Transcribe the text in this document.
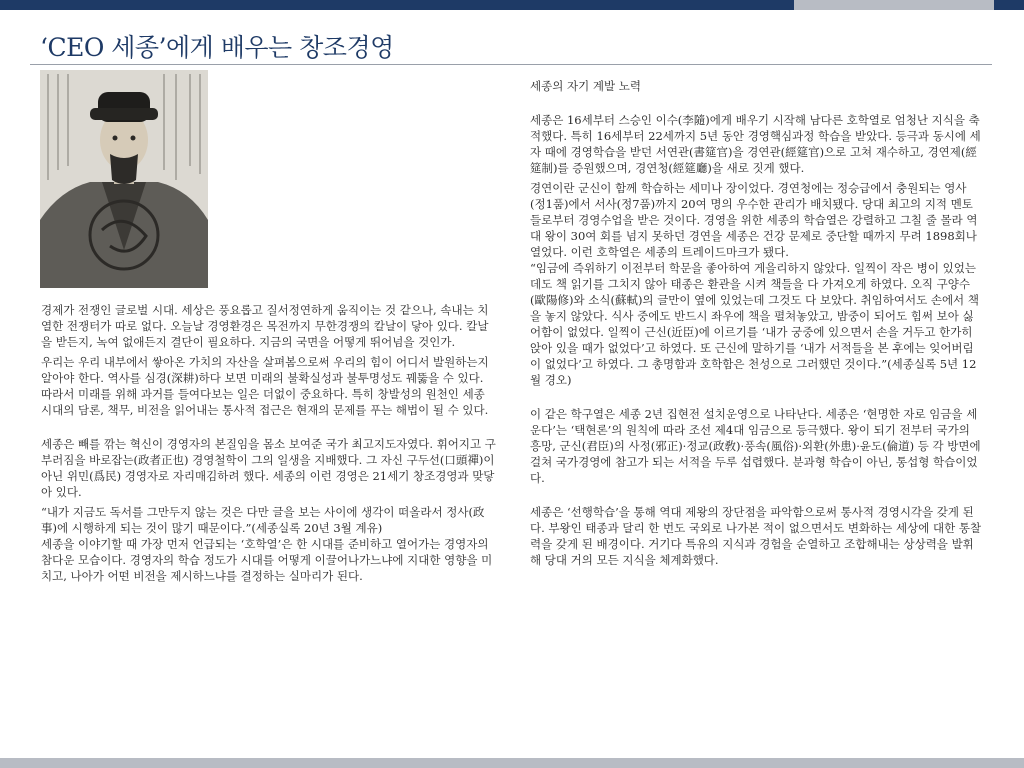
‘CEO 세종’에게 배우는 창조경영

경제가 전쟁인 글로벌 시대. 세상은 풍요롭고 질서정연하게 움직이는 것 같으나, 속내는 치열한 전쟁터가 따로 없다. 오늘날 경영환경은 목전까지 무한경쟁의 칼날이 닿아 있다. 칼날을 받든지, 녹여 없애든지 결단이 필요하다. 지금의 국면을 어떻게 뛰어넘을 것인가.

우리는 우리 내부에서 쌓아온 가치의 자산을 살펴봄으로써 우리의 힘이 어디서 발원하는지 알아야 한다. 역사를 심경(深耕)하다 보면 미래의 불확실성과 불투명성도 꿰뚫을 수 있다. 따라서 미래를 위해 과거를 들여다보는 일은 더없이 중요하다. 특히 창발성의 원천인 세종 시대의 담론, 책무, 비전을 읽어내는 통사적 접근은 현재의 문제를 푸는 해법이 될 수 있다.

세종은 빼를 깎는 혁신이 경영자의 본질임을 몸소 보여준 국가 최고지도자였다. 휘어지고 구부러짐을 바로잡는(政者正也) 경영철학이 그의 일생을 지배했다. 그 자신 구두선(口頭禪)이 아닌 위민(爲民) 경영자로 자리매김하려 했다. 세종의 이런 경영은 21세기 창조경영과 맞닿아 있다.

“내가 지금도 독서를 그만두지 않는 것은 다만 글을 보는 사이에 생각이 떠올라서 정사(政事)에 시행하게 되는 것이 많기 때문이다.”(세종실록 20년 3월 계유)

세종을 이야기할 때 가장 먼저 언급되는 ‘호학열’은 한 시대를 준비하고 열어가는 경영자의 참다운 모습이다. 경영자의 학습 정도가 시대를 어떻게 이끌어나가느냐에 지대한 영향을 미치고, 나아가 어떤 비전을 제시하느냐를 결정하는 실마리가 된다.

세종의 자기 계발 노력

세종은 16세부터 스승인 이수(李隨)에게 배우기 시작해 남다른 호학열로 엄청난 지식을 축적했다. 특히 16세부터 22세까지 5년 동안 경영핵심과정 학습을 받았다. 등극과 동시에 세자 때에 경영학습을 받던 서연관(書筵官)을 경연관(經筵官)으로 고쳐 재수하고, 경연제(經筵制)를 증원했으며, 경연청(經筵廳)을 새로 짓게 했다.

경연이란 군신이 함께 학습하는 세미나 장이었다. 경연청에는 정승급에서 충원되는 영사(정1품)에서 서사(정7품)까지 20여 명의 우수한 관리가 배치됐다. 당대 최고의 지적 멘토들로부터 경영수업을 받은 것이다. 경영을 위한 세종의 학습열은 강렬하고 그칠 줄 몰라 역대 왕이 30여 회를 넘지 못하던 경연을 세종은 건강 문제로 중단할 때까지 무려 1898회나 열었다. 이런 호학열은 세종의 트레이드마크가 됐다.

“임금에 즉위하기 이전부터 학문을 좋아하여 게을리하지 않았다. 일찍이 작은 병이 있었는데도 책 읽기를 그치지 않아 태종은 환관을 시켜 책들을 다 가져오게 하였다. 오직 구양수(歐陽修)와 소식(蘇軾)의 글만이 옆에 있었는데 그것도 다 보았다. 취임하여서도 손에서 책을 놓지 않았다. 식사 중에도 반드시 좌우에 책을 펼쳐놓았고, 밤중이 되어도 힘써 보아 싫어함이 없었다. 일찍이 근신(近臣)에 이르기를 ‘내가 궁중에 있으면서 손을 거두고 한가히 앉아 있을 때가 없었다’고 하였다. 또 근신에 말하기를 ‘내가 서적들을 본 후에는 잊어버림이 없었다’고 하였다. 그 총명함과 호학함은 천성으로 그러했던 것이다.”(세종실록 5년 12월 경오)

이 같은 학구열은 세종 2년 집현전 설치운영으로 나타난다. 세종은 ‘현명한 자로 임금을 세운다’는 ‘택현론’의 원칙에 따라 조선 제4대 임금으로 등극했다. 왕이 되기 전부터 국가의 흥망, 군신(君臣)의 사정(邪正)·정교(政敎)·풍속(風俗)·외환(外患)·윤도(倫道) 등 각 방면에 걸쳐 국가경영에 참고가 되는 서적을 두루 섭렵했다. 분과형 학습이 아닌, 통섭형 학습이었다.

세종은 ‘선행학습’을 통해 역대 제왕의 장단점을 파악함으로써 통사적 경영시각을 갖게 된다. 부왕인 태종과 달리 한 번도 국외로 나가본 적이 없으면서도 변화하는 세상에 대한 통찰력을 갖게 된 배경이다. 거기다 특유의 지식과 경험을 순열하고 조합해내는 상상력을 발휘해 당대 거의 모든 지식을 체계화했다.
